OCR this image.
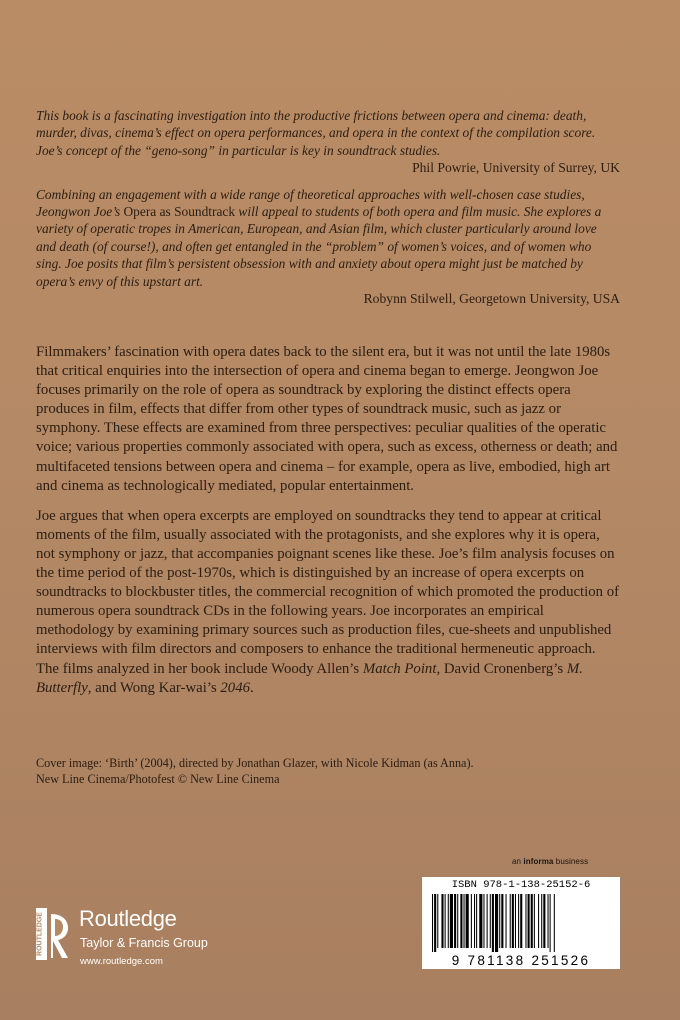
This book is a fascinating investigation into the productive frictions between opera and cinema: death, murder, divas, cinema’s effect on opera performances, and opera in the context of the compilation score. Joe’s concept of the “geno-song” in particular is key in soundtrack studies.

Phil Powrie, University of Surrey, UK

Combining an engagement with a wide range of theoretical approaches with well-chosen case studies, Jeongwon Joe’s Opera as Soundtrack will appeal to students of both opera and film music. She explores a variety of operatic tropes in American, European, and Asian film, which cluster particularly around love and death (of course!), and often get entangled in the “problem” of women’s voices, and of women who sing. Joe posits that film’s persistent obsession with and anxiety about opera might just be matched by opera’s envy of this upstart art.

Robynn Stilwell, Georgetown University, USA

Filmmakers’ fascination with opera dates back to the silent era, but it was not until the late 1980s that critical enquiries into the intersection of opera and cinema began to emerge. Jeongwon Joe focuses primarily on the role of opera as soundtrack by exploring the distinct effects opera produces in film, effects that differ from other types of soundtrack music, such as jazz or symphony. These effects are examined from three perspectives: peculiar qualities of the operatic voice; various properties commonly associated with opera, such as excess, otherness or death; and multifaceted tensions between opera and cinema – for example, opera as live, embodied, high art and cinema as technologically mediated, popular entertainment.

Joe argues that when opera excerpts are employed on soundtracks they tend to appear at critical moments of the film, usually associated with the protagonists, and she explores why it is opera, not symphony or jazz, that accompanies poignant scenes like these. Joe’s film analysis focuses on the time period of the post-1970s, which is distinguished by an increase of opera excerpts on soundtracks to blockbuster titles, the commercial recognition of which promoted the production of numerous opera soundtrack CDs in the following years. Joe incorporates an empirical methodology by examining primary sources such as production files, cue-sheets and unpublished interviews with film directors and composers to enhance the traditional hermeneutic approach. The films analyzed in her book include Woody Allen’s Match Point, David Cronenberg’s M. Butterfly, and Wong Kar-wai’s 2046.

Cover image: ‘Birth’ (2004), directed by Jonathan Glazer, with Nicole Kidman (as Anna).
New Line Cinema/Photofest © New Line Cinema
an informa business
ISBN 978-1-138-25152-6
9 781138 251526
ROUTLEDGE Routledge
Taylor & Francis Group
www.routledge.com
